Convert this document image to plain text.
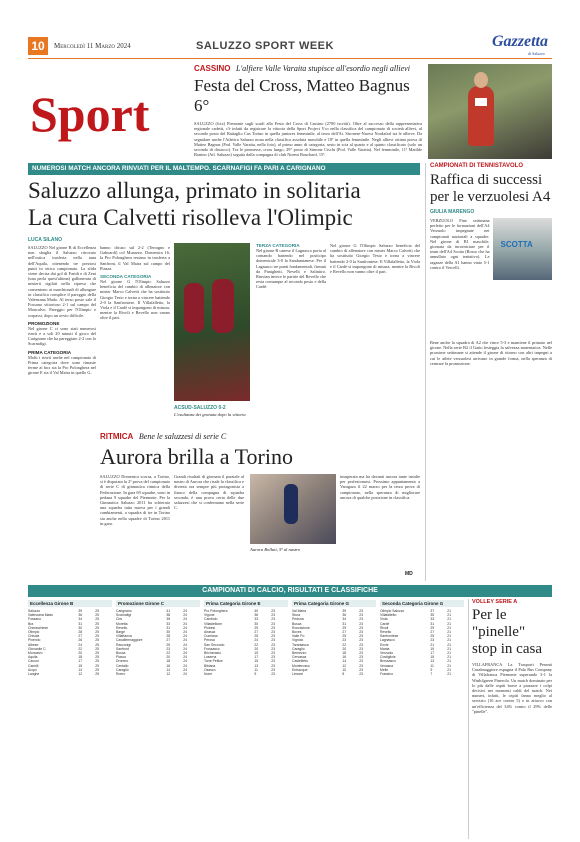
10	Mercoledì 11 Marzo 2024	SALUZZO SPORT WEEK	Gazzetta
di Saluzzo
Sport
CASSINO L'alfiere Valle Varaita stupisce all'esordio negli allievi
Festa del Cross, Matteo Bagnus 6°
SALUZZO (fcix) Piemonte sugli scudi alla Festa del Cross di Cassino (2700 iscritti). Oltre al successo della rappresentativa regionale cadetti, c'è infatti da registrare la vittoria della Sport Project Vco nella classifica del campionato di società allievi, al secondo posto del Battaglio Cus Torino in quella juniores femminile, al terzo dell'At. Stronese-Nuova Nordafarl tra le allieve. Da segnalare anche l'Atletica Saluzzo nona nella classifica assoluta maschile e 18ª in quella femminile. Negli allievi ottima prova di Matteo Bagnus (Pod. Valle Varaita, nella foto), al primo anno di categoria, sesto in scia al quarto e al quinto classificato (solo un secondo di distacco). Tra le promesse, cross lungo, 29° posto di Simone Cischi (Pod. Valle Varaita). Nel femminile, 11ª Matilde Bonino (Atl. Saluzzo) seguita dalla compagna di club Noemi Bouchard, 15ª.
NUMEROSI MATCH ANCORA RINVIATI PER IL MALTEMPO. SCARNAFIGI FA PARI A CARIGNANO
Saluzzo allunga, primato in solitaria
La cura Calvetti risolleva l'Olimpic
LUCA SILANO
SALUZZO Nel girone B di Eccellenza non sbaglia il Saluzzo ritrovato nell'ostica trasferta nella tana dell'Aquila, ottenendo tre preziosi punti in ottica campionato. La sfida viene decisa dai gol di Faridi e di Zeni (una perla quest'ultima) gallonerata di misterii sigilati nella ripresa che consentono ai marchionali di allungare in classifica complice il pareggio della Valenzana Mado. Al terzo posto sale il Fossano vittorioso 2-1 sul campo del Moncalvo. Pareggio per l'Olimpic e sorpassi, dopo un avvio difficile.
PROMOZIONE
Nel girone C ci sono stati numerosi rinvii e a soli 20 minuti il gioco del Carignano che ha pareggiato 2-2 con lo Scarnafigi.
PRIMA CATEGORIA
Molti i rinvii anche nel campionato di Prima categoria dove sono rimaste ferme ai box sia la Pro Polonghera nel girone E sia il Val Maira in quello G.
hanno chiuso sul 2-2 (Terragno e Gaboardi) col Murazzo. Domenica 16, la Pro Polonghera restano in trasferta a Sanfront, il Val Maira sul campo del Piazza.
SECONDA CATEGORIA
Nel girone G l'Olimpic Saluzzo beneficia del cambio di allenatore con mister Marco Calvetti che ha sostituito Giorgio Tesio e torna a vincere battendo 2-0 la Sanfrontese. Il Villafalletto, la Viola e il Cardè si impongono di misura, mentre la Rivoli e Revello non vanno oltre il pari.
ACSUD-SALUZZO 0-2
L'esultanza dei granata dopo la vittoria
TERZA CATEGORIA
Nel girone B canese il Lagnasco porta al comando battendo nel posticipo domenicale 3-0 la Sandamianese. Per il Lagnasco tre punti fondamentali, firmati da Panighetti, Nevelli e Salinitro. Rinvian invece le partite del Revello che resta comunque al secondo posto e della Cardè.
Nel girone G l'Olimpic Saluzzo beneficia del cambio di allenatore con mister Marco Calvetti che ha sostituito Giorgio Tesio e torna a vincere battendo 2-0 la Sanfrontese. Il Villafalletto, la Viola e il Cardè si impongono di misura, mentre la Rivoli e Revello non vanno oltre il pari.
RITMICA Bene le saluzzesi di serie C
Aurora brilla a Torino
SALUZZO Domenica scorsa, a Torino, si è disputata la 2ª prova del campionato di serie C di ginnastica ritmica della Federazione. In gara 69 squadre, sono in pedana 9 squadre del Piemonte. Per la Ginnastica Saluzzo 2011 ha schierato una squadra tutta nuova per i grandi cambiamenti, a squadra di tre in Torino sia anche nella squadre di Torino 2011 in gara.
Grandi risultati di giornata il parziale al nastro di Aurora che risale la classifica e diventa ora sempre più protagonista a fianco della compagna di squadra seconda, è una prova certa delle due saluzzesi che si confermano nella serie C.
Aurora Bollati, 5ª al nastro
insuperata ma ha davanti ancora tante insidie per perfezionarsi. Prossimo appuntamento a Varagazo il 22 marzo per la terza prova di campionato, nella speranza di migliorare ancora di qualche posizione in classifica.
MD
CAMPIONATI DI TENNISTAVOLO
Raffica di successi per le verzuolesi A4
GIULIA MARENGO
VERZUOLO Fine settimana perfetto per le formazioni dell'A4 Verzuolo impegnate nei campionati nazionali a squadre. Nel girone di B1 maschile, giornata da incorniciare per il team dell'A4 Scotta (Rosso che ha annullato ogni tentativo). Le ragazze della A1 hanno vinto 5-1 contro il Vercelli.
SCOTTA
Bene anche la squadra di A2 che vince 5-3 e mantiene il primato nel girone. Nella serie B2 il Gatto festeggia la salvezza matematica. Nelle prossime settimane si attende il girone di ritorno con altri impegni a cui le atlete verzuolesi arrivano in grande forma, nella speranza di centrare la promozione.
CAMPIONATI DI CALCIO, RISULTATI E CLASSIFICHE
Eccellenza Girone B
Saluzzo	39	25
Valenzana Mado	36	25
Fossano	34	25
Bra	31	25
Cheraschese	30	25
Olimpic	28	25
Chisola	27	25
Pinerolo	26	25
Albese	24	25
Giovanile C.	22	25
Moncalvo	20	25
Aquila	18	25
Cavour	17	25
Canelli	15	25
Acqui	14	25
Langhe	12	25
Promozione Girone C
Carignano	41	24
Scarnafigi	38	24
Cbs	35	24
Moretta	33	24
Revello	31	24
Barge	30	24
Villafranca	28	24
Cavallermaggiore	27	24
Racconigi	25	24
Sanfront	23	24
Busca	22	24
Piasco	20	24
Dronero	18	24
Centallo	16	24
Caraglio	14	24
Roero	12	24
Prima Categoria Girone E
Pro Polonghera	40	23
Vigone	36	23
Candiolo	33	23
Villastellone	30	23
Piobesi	29	23
Airasca	27	23
Cumiana	25	23
Perosa	24	23
San Secondo	22	23
Frossasco	20	23
Bricherasio	19	23
Luserna	17	23
Torre Pellice	15	23
Bibiana	13	23
Osasco	11	23
None	9	23
Prima Categoria Girone G
Val Maira	39	23
Stura	36	23
Pedona	34	23
Busca	31	23
Roccavione	29	23
Boves	27	23
Valle Po	25	23
Vignolo	23	23
Tarantasca	22	23
Caraglio	20	23
Bernezzo	18	23
Cervasca	16	23
Castelletto	14	23
Monterosso	12	23
Entracque	10	23
Limone	8	23
Seconda Categoria Girone G
Olimpic Saluzzo	37	21
Villafalletto	35	21
Viola	33	21
Cardè	31	21
Rivoli	29	21
Revello	27	21
Sanfrontese	25	21
Lagnasco	23	21
Envie	21	21
Manta	19	21
Verzuolo	17	21
Costigliole	15	21
Brossasco	13	21
Venasca	11	21
Melle	9	21
Frassino	7	21
VOLLEY SERIE A
Per le "pinelle" stop in casa
VILLAFRANCA La Trasporti Pesenti Casalmaggiore espugna il Pala Bus Company di Villafranca Piemonte superando 3-1 la Wash4green Pinerolo. Un match dominato per lo più dalle ospiti brave a piazzare i colpi decisivi nei momenti caldi del match. Nei numeri, infatti, le ospiti fanno meglio al servizio (10 ace contro 5) e in attacco con un'efficienza del 34% contro il 29% delle "pinelle".
